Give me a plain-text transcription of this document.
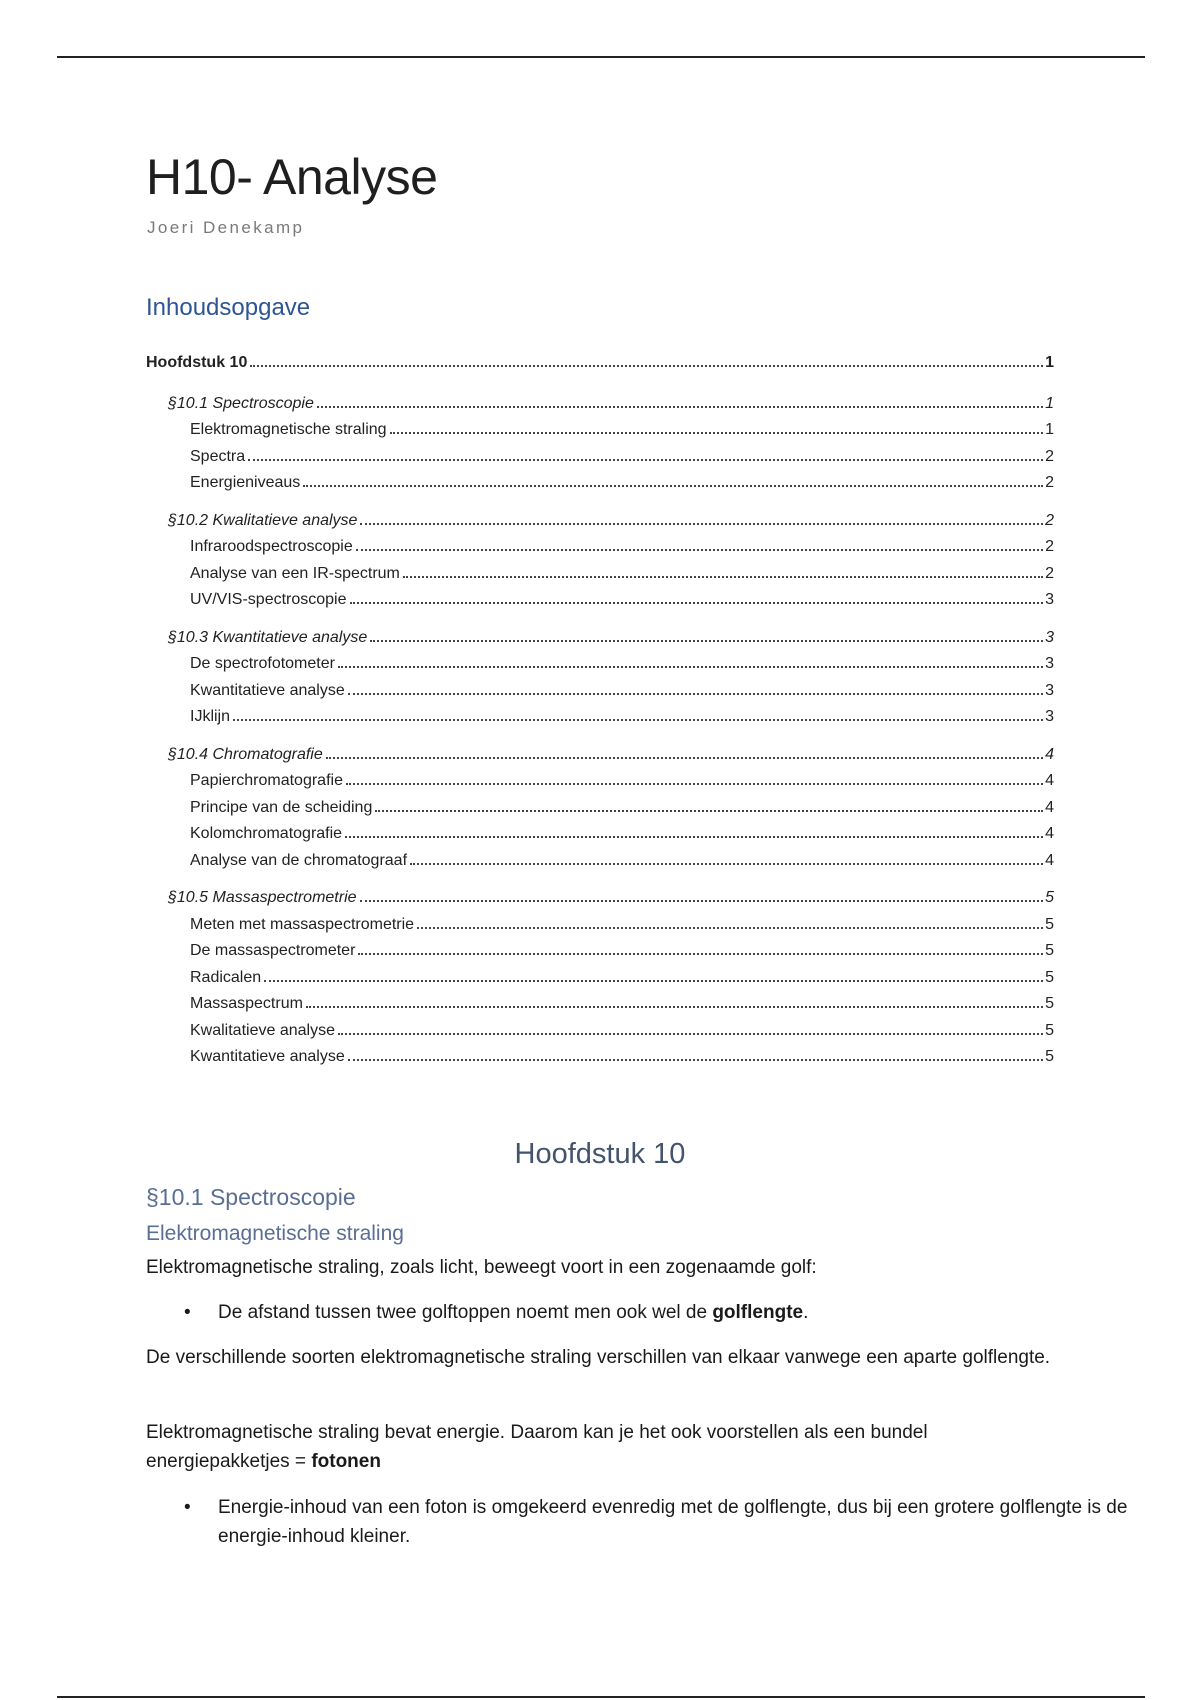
H10- Analyse
Joeri Denekamp
Inhoudsopgave
Hoofdstuk 10	1
§10.1 Spectroscopie	1
Elektromagnetische straling	1
Spectra	2
Energieniveaus	2
§10.2 Kwalitatieve analyse	2
Infraroodspectroscopie	2
Analyse van een IR-spectrum	2
UV/VIS-spectroscopie	3
§10.3 Kwantitatieve analyse	3
De spectrofotometer	3
Kwantitatieve analyse	3
IJklijn	3
§10.4 Chromatografie	4
Papierchromatografie	4
Principe van de scheiding	4
Kolomchromatografie	4
Analyse van de chromatograaf	4
§10.5 Massaspectrometrie	5
Meten met massaspectrometrie	5
De massaspectrometer	5
Radicalen	5
Massaspectrum	5
Kwalitatieve analyse	5
Kwantitatieve analyse	5
Hoofdstuk 10
§10.1 Spectroscopie
Elektromagnetische straling
Elektromagnetische straling, zoals licht, beweegt voort in een zogenaamde golf:
• De afstand tussen twee golftoppen noemt men ook wel de golflengte.
De verschillende soorten elektromagnetische straling verschillen van elkaar vanwege een aparte golflengte.
Elektromagnetische straling bevat energie. Daarom kan je het ook voorstellen als een bundel energiepakketjes = fotonen
• Energie-inhoud van een foton is omgekeerd evenredig met de golflengte, dus bij een grotere golflengte is de energie-inhoud kleiner.
